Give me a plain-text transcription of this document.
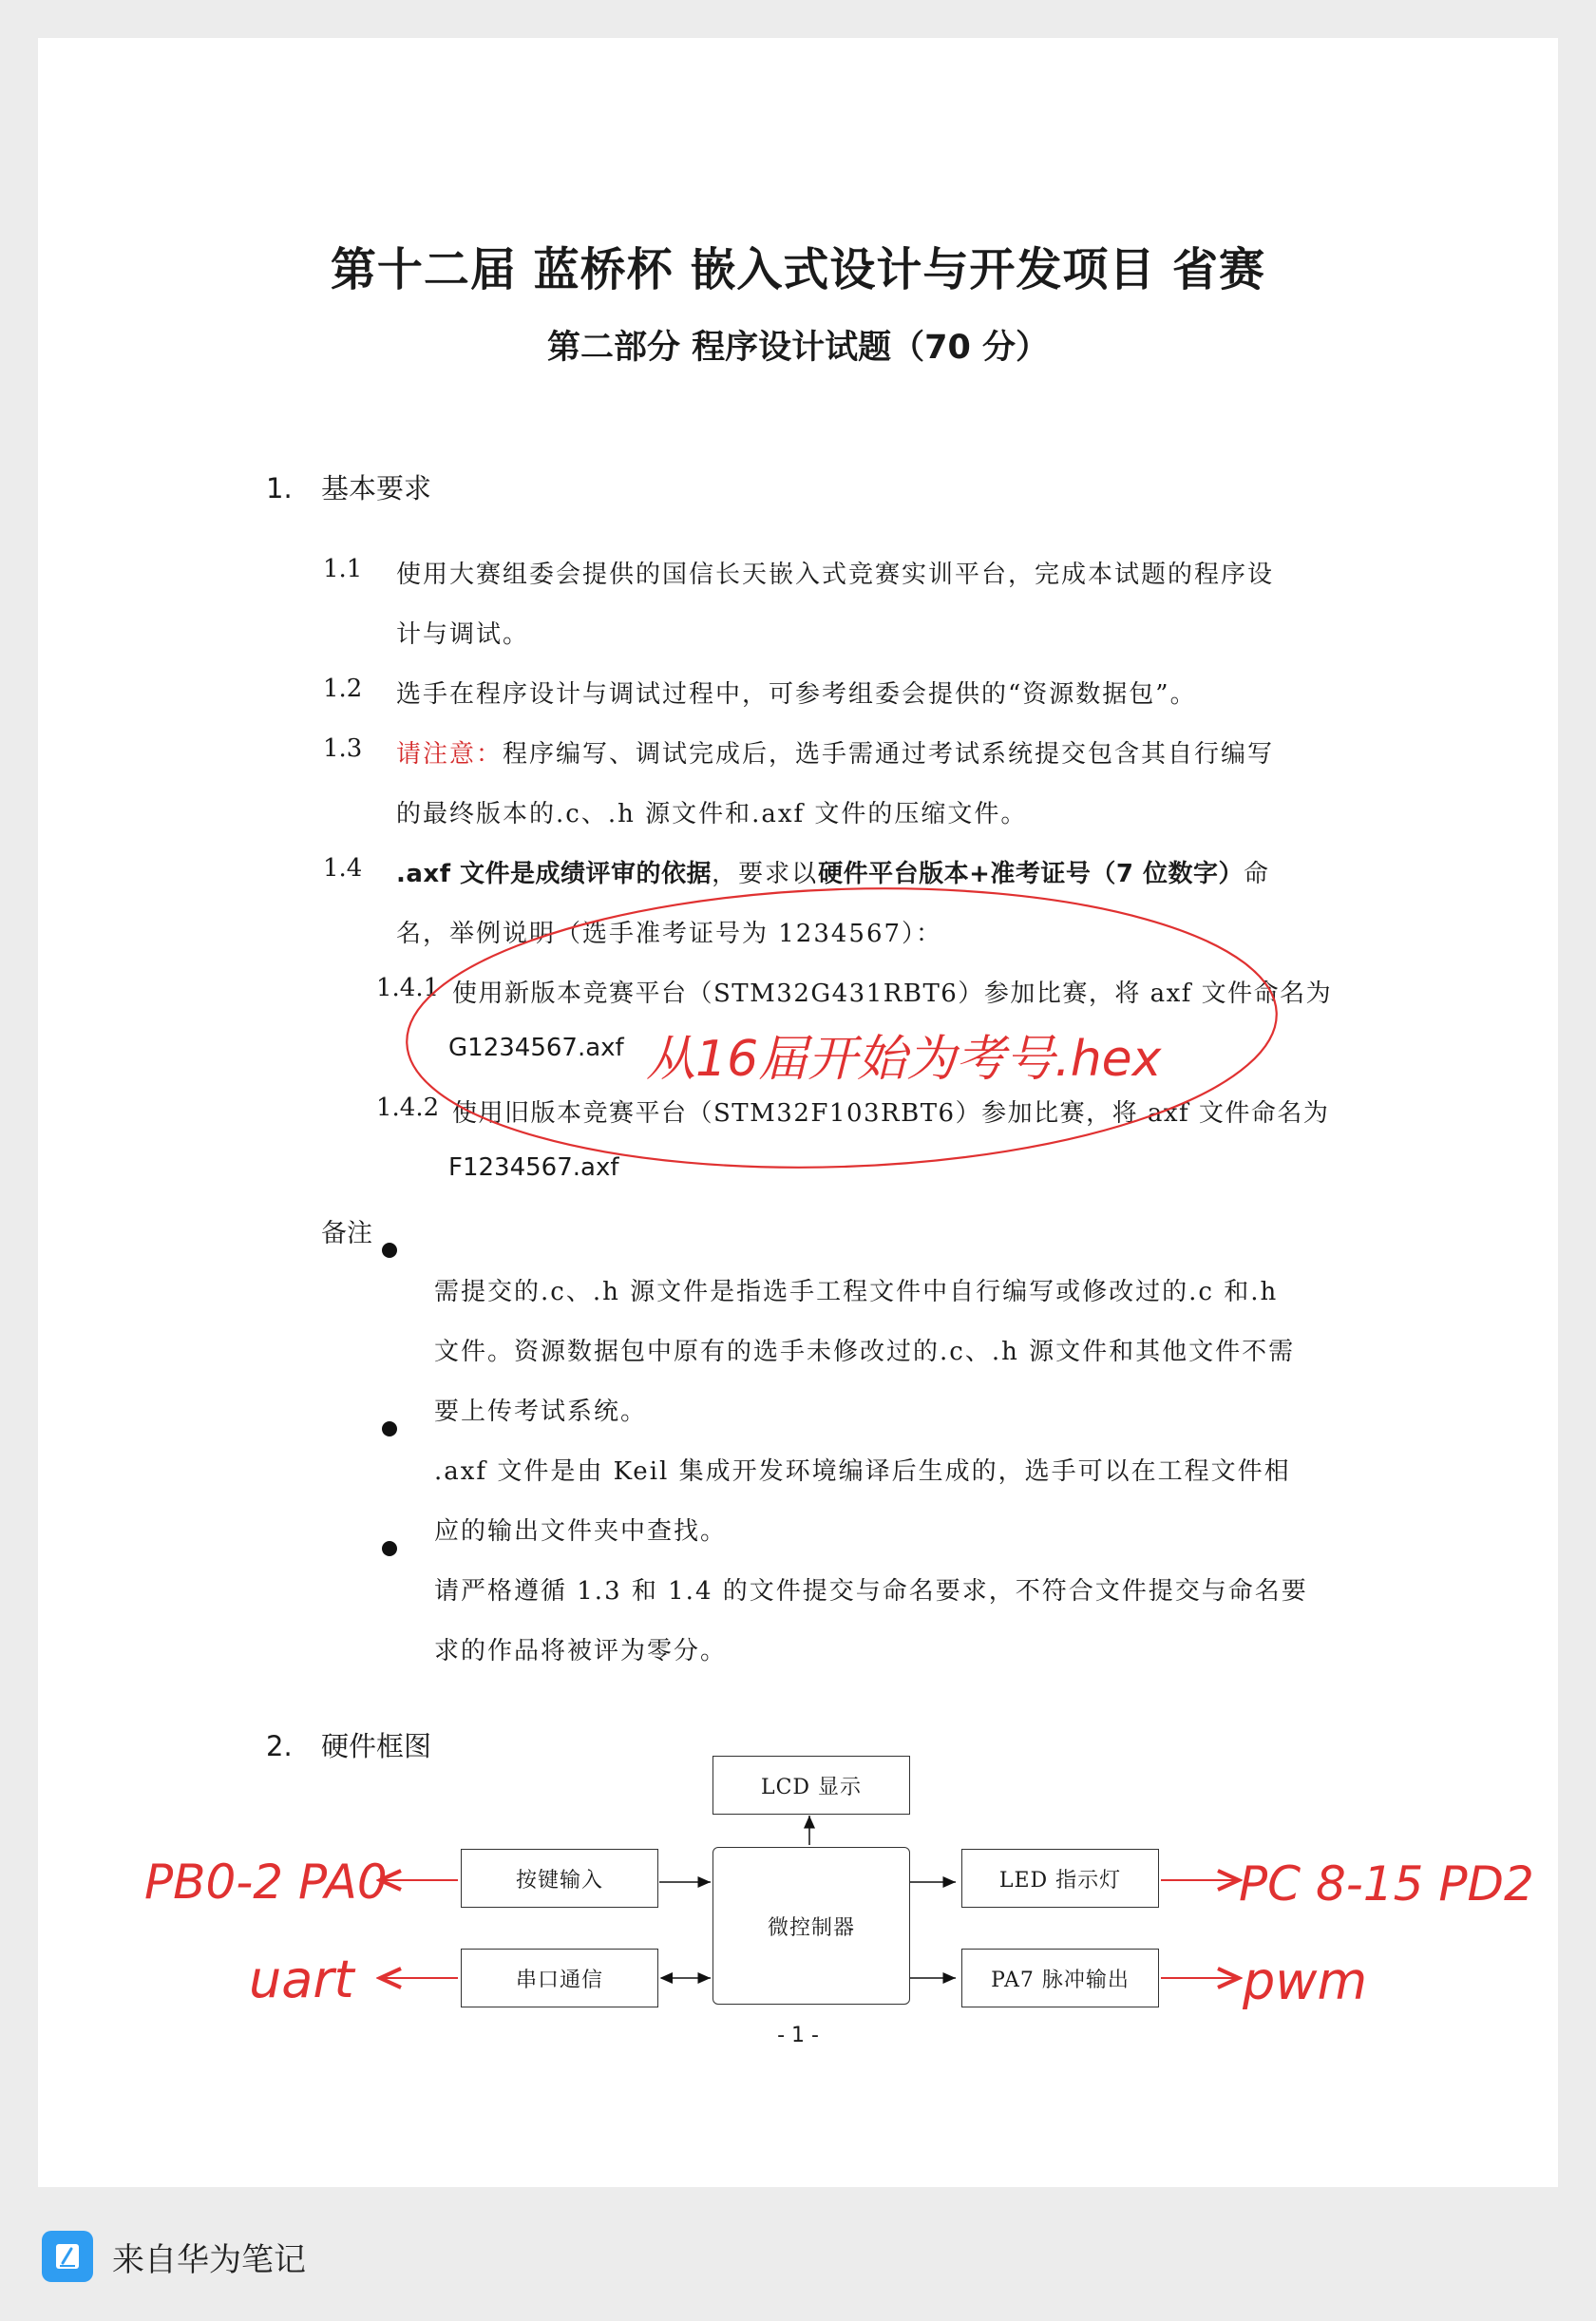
第十二届 蓝桥杯 嵌入式设计与开发项目 省赛
第二部分 程序设计试题（70 分）
1. 基本要求
1.1 使用大赛组委会提供的国信长天嵌入式竞赛实训平台，完成本试题的程序设
计与调试。
1.2 选手在程序设计与调试过程中，可参考组委会提供的“资源数据包”。
1.3 请注意：程序编写、调试完成后，选手需通过考试系统提交包含其自行编写
的最终版本的.c、.h 源文件和.axf 文件的压缩文件。
1.4 .axf 文件是成绩评审的依据，要求以硬件平台版本+准考证号（7 位数字）命
名，举例说明（选手准考证号为 1234567）：
1.4.1 使用新版本竞赛平台（STM32G431RBT6）参加比赛，将 axf 文件命名为
G1234567.axf
1.4.2 使用旧版本竞赛平台（STM32F103RBT6）参加比赛，将 axf 文件命名为
F1234567.axf
备注
需提交的.c、.h 源文件是指选手工程文件中自行编写或修改过的.c 和.h
文件。资源数据包中原有的选手未修改过的.c、.h 源文件和其他文件不需
要上传考试系统。
.axf 文件是由 Keil 集成开发环境编译后生成的，选手可以在工程文件相
应的输出文件夹中查找。
请严格遵循 1.3 和 1.4 的文件提交与命名要求，不符合文件提交与命名要
求的作品将被评为零分。
2. 硬件框图
LCD 显示
按键输入
微控制器
LED 指示灯
串口通信	PA7 脉冲输出
从16届开始为考号.hex
PB0-2 PA0
uart
PC 8-15 PD2
pwm
- 1 -
来自华为笔记
